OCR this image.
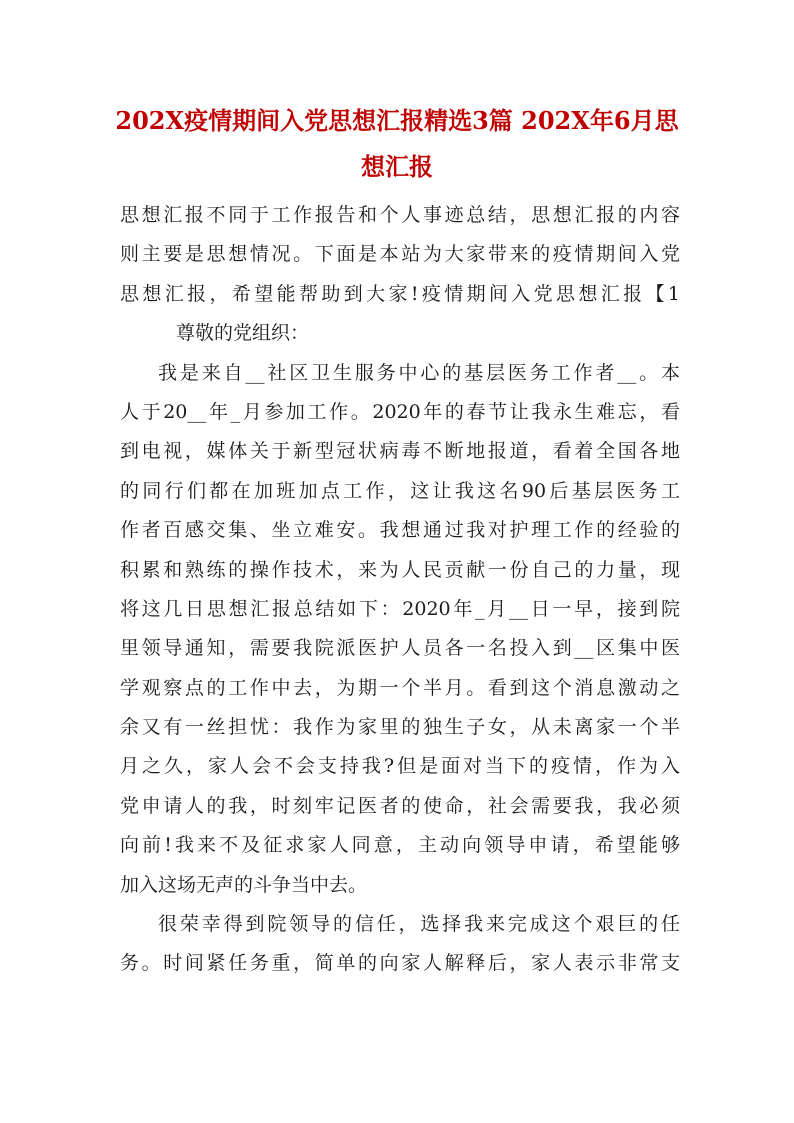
202X疫情期间入党思想汇报精选3篇 202X年6月思
想汇报
思想汇报不同于工作报告和个人事迹总结，思想汇报的内容
则主要是思想情况。下面是本站为大家带来的疫情期间入党
思想汇报，希望能帮助到大家!疫情期间入党思想汇报【1
尊敬的党组织：
我是来自__社区卫生服务中心的基层医务工作者__。本
人于20__年_月参加工作。2020年的春节让我永生难忘，看
到电视，媒体关于新型冠状病毒不断地报道，看着全国各地
的同行们都在加班加点工作，这让我这名90后基层医务工
作者百感交集、坐立难安。我想通过我对护理工作的经验的
积累和熟练的操作技术，来为人民贡献一份自己的力量，现
将这几日思想汇报总结如下：2020年_月__日一早，接到院
里领导通知，需要我院派医护人员各一名投入到__区集中医
学观察点的工作中去，为期一个半月。看到这个消息激动之
余又有一丝担忧：我作为家里的独生子女，从未离家一个半
月之久，家人会不会支持我?但是面对当下的疫情，作为入
党申请人的我，时刻牢记医者的使命，社会需要我，我必须
向前!我来不及征求家人同意，主动向领导申请，希望能够
加入这场无声的斗争当中去。
很荣幸得到院领导的信任，选择我来完成这个艰巨的任
务。时间紧任务重，简单的向家人解释后，家人表示非常支
